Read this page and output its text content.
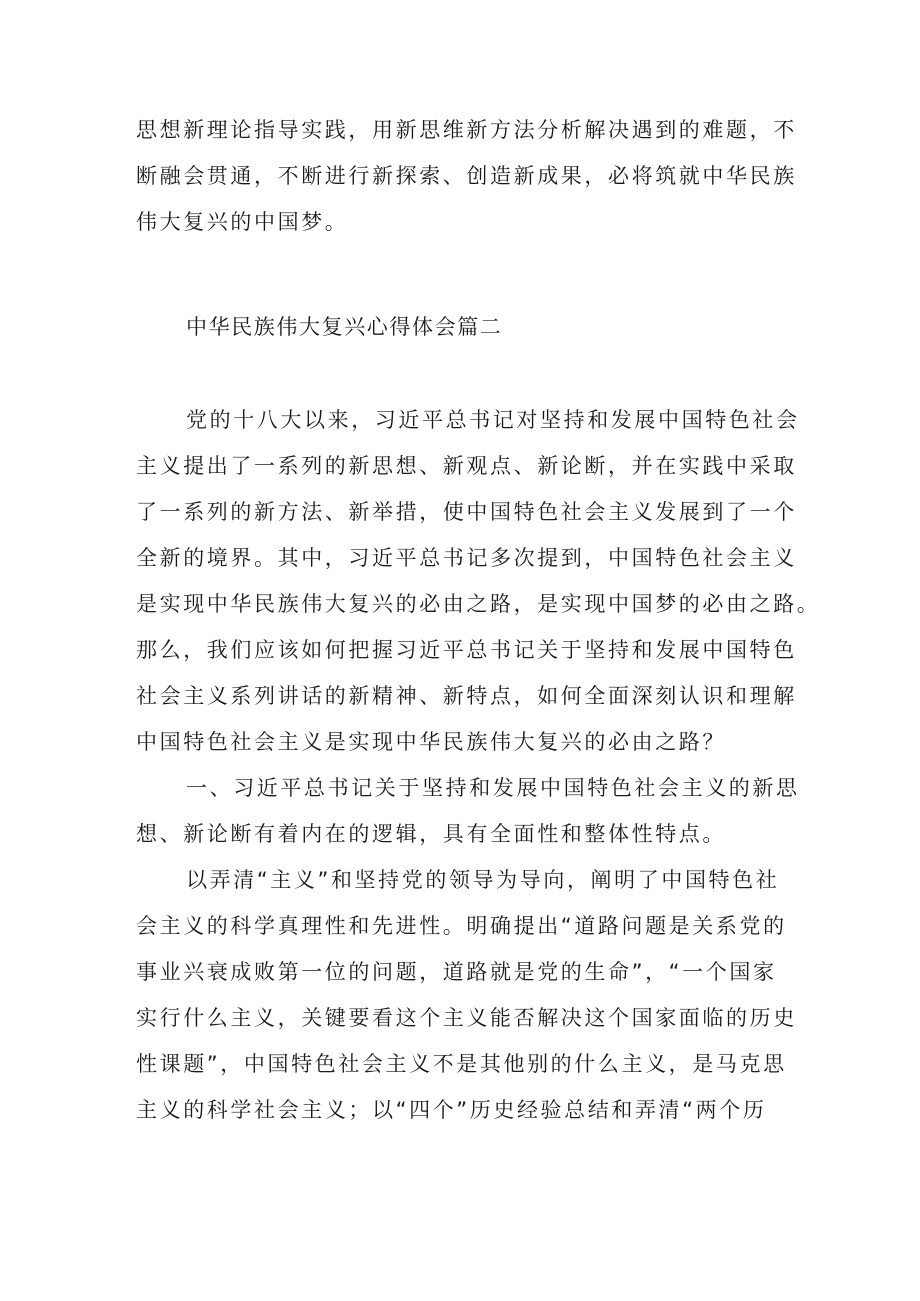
思想新理论指导实践，用新思维新方法分析解决遇到的难题，不
断融会贯通，不断进行新探索、创造新成果，必将筑就中华民族
伟大复兴的中国梦。
中华民族伟大复兴心得体会篇二
党的十八大以来，习近平总书记对坚持和发展中国特色社会
主义提出了一系列的新思想、新观点、新论断，并在实践中采取
了一系列的新方法、新举措，使中国特色社会主义发展到了一个
全新的境界。其中，习近平总书记多次提到，中国特色社会主义
是实现中华民族伟大复兴的必由之路，是实现中国梦的必由之路。
那么，我们应该如何把握习近平总书记关于坚持和发展中国特色
社会主义系列讲话的新精神、新特点，如何全面深刻认识和理解
中国特色社会主义是实现中华民族伟大复兴的必由之路？
一、习近平总书记关于坚持和发展中国特色社会主义的新思
想、新论断有着内在的逻辑，具有全面性和整体性特点。
以弄清“主义”和坚持党的领导为导向，阐明了中国特色社
会主义的科学真理性和先进性。明确提出“道路问题是关系党的
事业兴衰成败第一位的问题，道路就是党的生命”，“一个国家
实行什么主义，关键要看这个主义能否解决这个国家面临的历史
性课题”，中国特色社会主义不是其他别的什么主义，是马克思
主义的科学社会主义；以“四个”历史经验总结和弄清“两个历
